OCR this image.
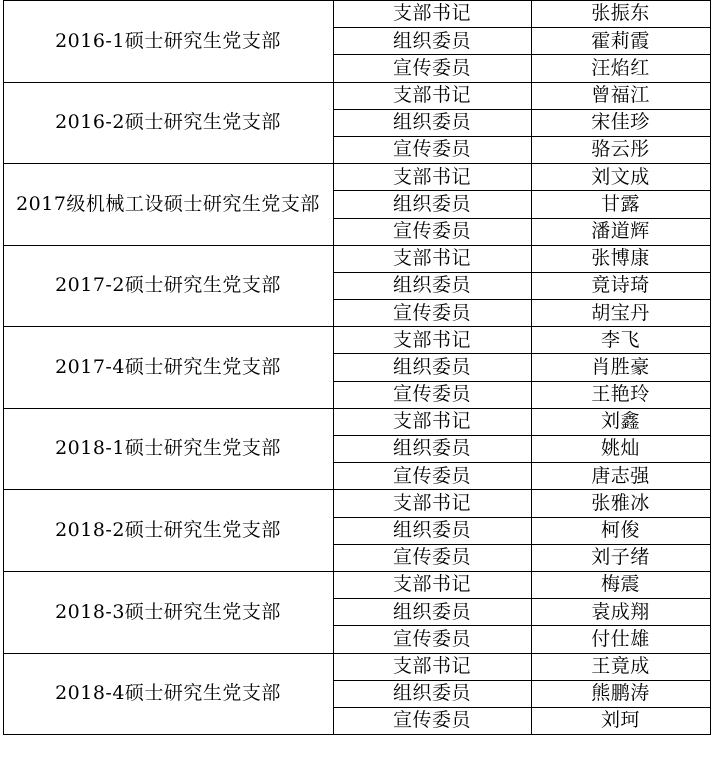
2016-1硕士研究生党支部	支部书记	张振东
	组织委员	霍莉霞
	宣传委员	汪焰红
2016-2硕士研究生党支部	支部书记	曾福江
	组织委员	宋佳珍
	宣传委员	骆云彤
2017级机械工设硕士研究生党支部	支部书记	刘文成
	组织委员	甘露
	宣传委员	潘道辉
2017-2硕士研究生党支部	支部书记	张博康
	组织委员	竟诗琦
	宣传委员	胡宝丹
2017-4硕士研究生党支部	支部书记	李飞
	组织委员	肖胜豪
	宣传委员	王艳玲
2018-1硕士研究生党支部	支部书记	刘鑫
	组织委员	姚灿
	宣传委员	唐志强
2018-2硕士研究生党支部	支部书记	张雅冰
	组织委员	柯俊
	宣传委员	刘子绪
2018-3硕士研究生党支部	支部书记	梅震
	组织委员	袁成翔
	宣传委员	付仕雄
2018-4硕士研究生党支部	支部书记	王竟成
	组织委员	熊鹏涛
	宣传委员	刘珂
